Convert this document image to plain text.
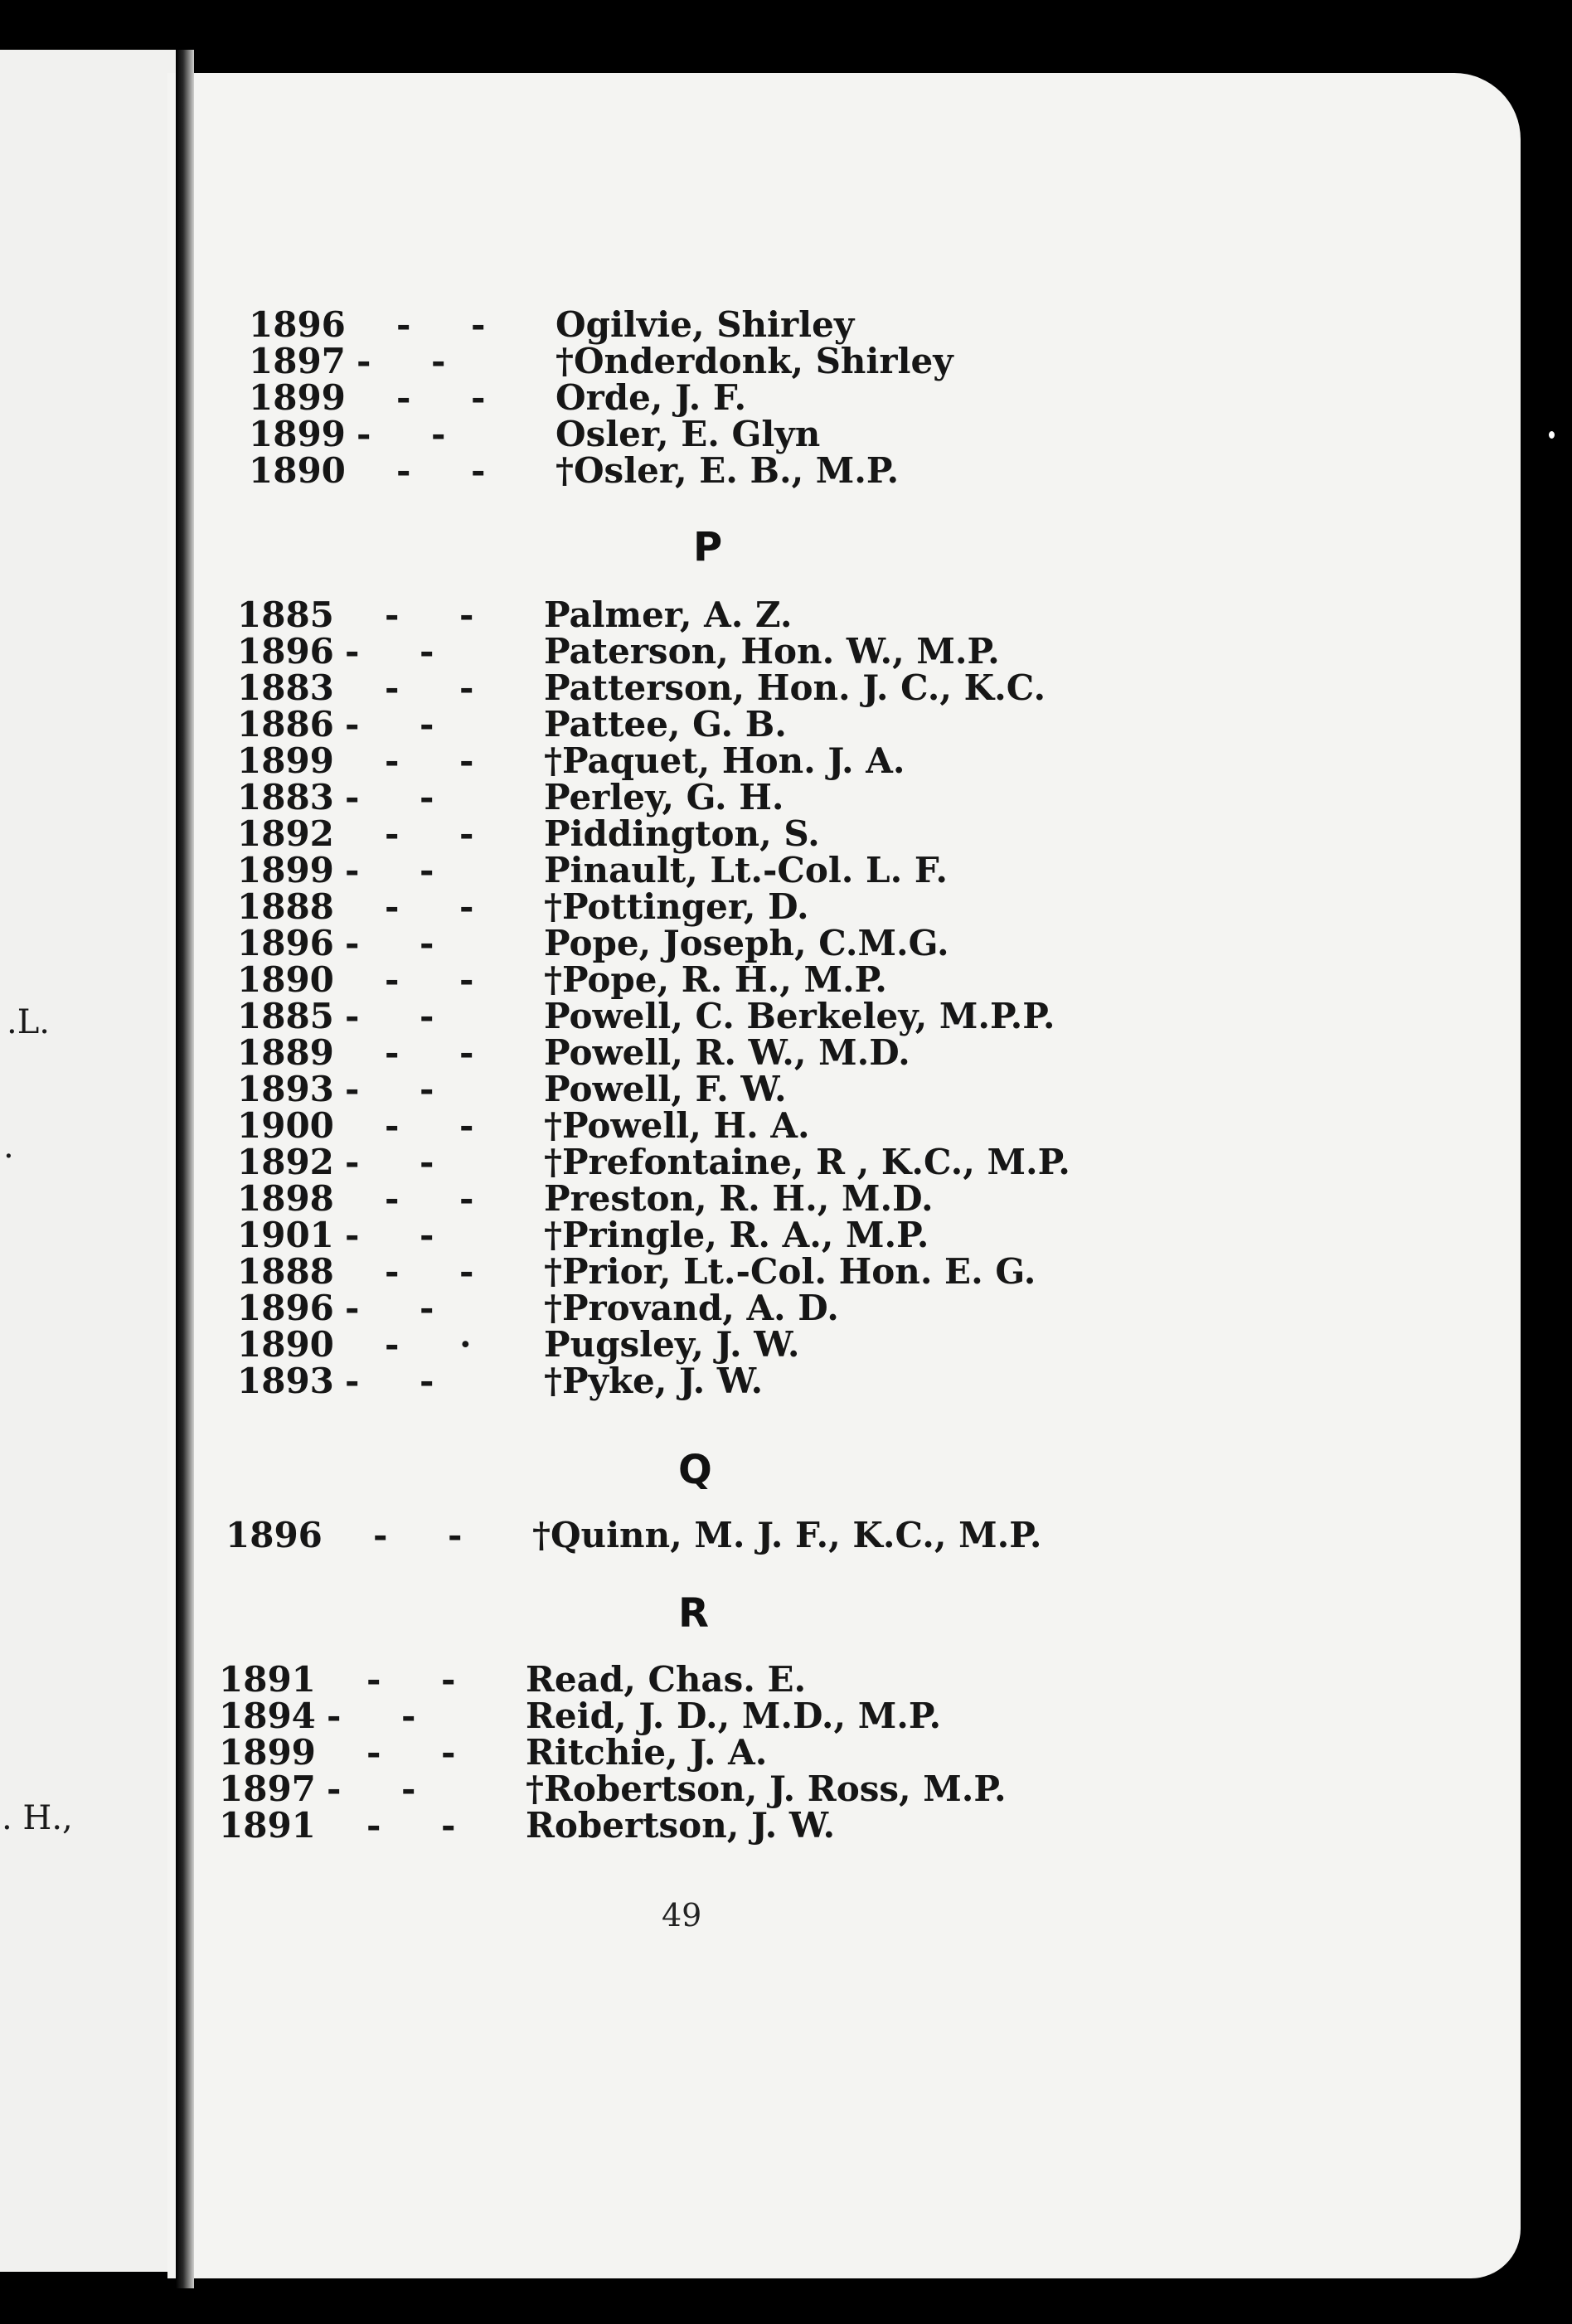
.L.
.
. H.,
1896 - - Ogilvie, Shirley
1897 - -	†Onderdonk, Shirley
1899 - - Orde, J. F.
1899 - -	Osler, E. Glyn
1890 - - †Osler, E. B., M.P.
P
1885 - - Palmer, A. Z.
1896 - -	Paterson, Hon. W., M.P.
1883 - - Patterson, Hon. J. C., K.C.
1886 - -	Pattee, G. B.
1899 - - †Paquet, Hon. J. A.
1883 - -	Perley, G. H.
1892 - - Piddington, S.
1899 - -	Pinault, Lt.-Col. L. F.
1888 - - †Pottinger, D.
1896 - -	Pope, Joseph, C.M.G.
1890 - - †Pope, R. H., M.P.
1885 - -	Powell, C. Berkeley, M.P.P.
1889 - - Powell, R. W., M.D.
1893 - -	Powell, F. W.
1900 - - †Powell, H. A.
1892 - -	†Prefontaine, R , K.C., M.P.
1898 - - Preston, R. H., M.D.
1901 - -	†Pringle, R. A., M.P.
1888 - - †Prior, Lt.-Col. Hon. E. G.
1896 - -	†Provand, A. D.
1890 - · Pugsley, J. W.
1893 - -	†Pyke, J. W.
Q
1896 - - †Quinn, M. J. F., K.C., M.P.
R
1891 - - Read, Chas. E.
1894 - -	Reid, J. D., M.D., M.P.
1899 - - Ritchie, J. A.
1897 - -	†Robertson, J. Ross, M.P.
1891 - - Robertson, J. W.
49
